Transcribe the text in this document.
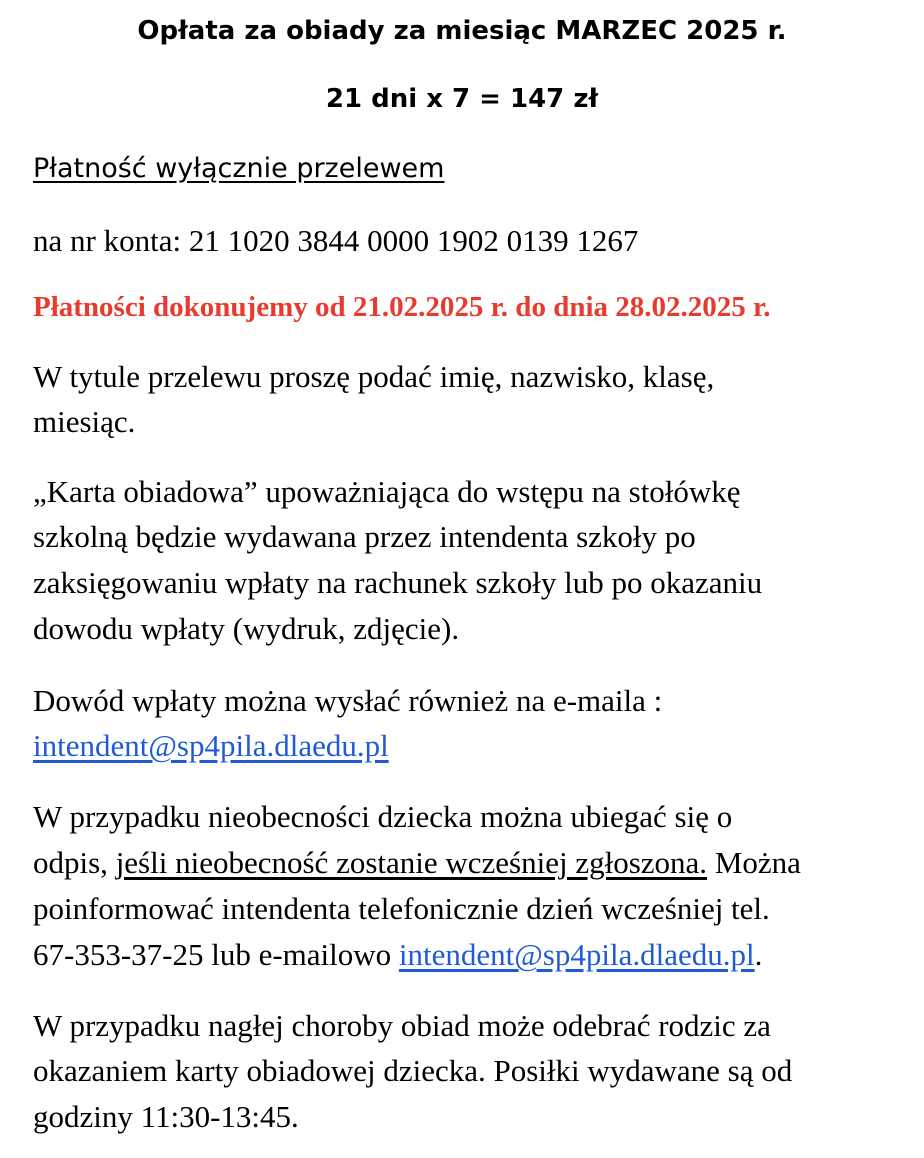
Opłata za obiady za miesiąc MARZEC 2025 r.
21 dni x 7 = 147 zł
Płatność wyłącznie przelewem
na nr konta: 21 1020 3844 0000 1902 0139 1267
Płatności dokonujemy od 21.02.2025 r. do dnia 28.02.2025 r.
W tytule przelewu proszę podać imię, nazwisko, klasę,
miesiąc.
„Karta obiadowa” upoważniająca do wstępu na stołówkę
szkolną będzie wydawana przez intendenta szkoły po
zaksięgowaniu wpłaty na rachunek szkoły lub po okazaniu
dowodu wpłaty (wydruk, zdjęcie).
Dowód wpłaty można wysłać również na e-maila :
intendent@sp4pila.dlaedu.pl
W przypadku nieobecności dziecka można ubiegać się o
odpis, jeśli nieobecność zostanie wcześniej zgłoszona. Można
poinformować intendenta telefonicznie dzień wcześniej tel.
67-353-37-25 lub e-mailowo intendent@sp4pila.dlaedu.pl.
W przypadku nagłej choroby obiad może odebrać rodzic za
okazaniem karty obiadowej dziecka. Posiłki wydawane są od
godziny 11:30-13:45.
